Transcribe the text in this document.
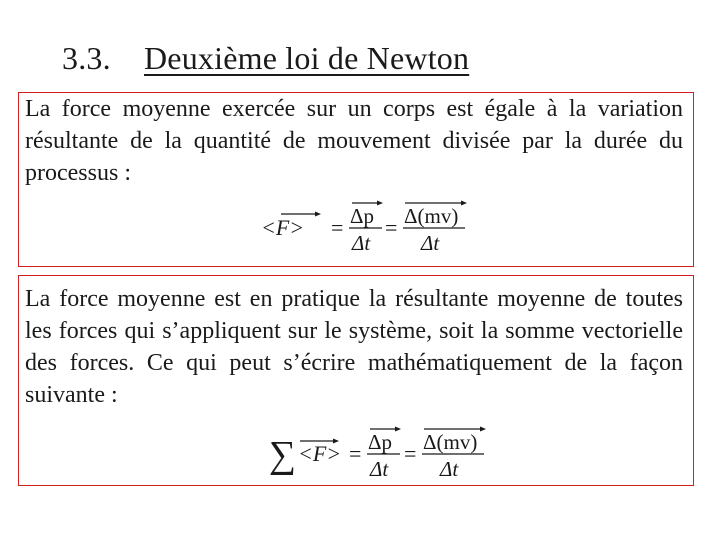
3.3. Deuxième loi de Newton

La force moyenne exercée sur un corps est égale à la variation résultante de la quantité de mouvement divisée par la durée du processus :

<F> = Δp
Δt
= Δ(mv)
Δt

La force moyenne est en pratique la résultante moyenne de toutes les forces qui s’appliquent sur le système, soit la somme vectorielle des forces. Ce qui peut s’écrire mathématiquement de la façon suivante :

∑ <F> = Δp
Δt
= Δ(mv)
Δt
